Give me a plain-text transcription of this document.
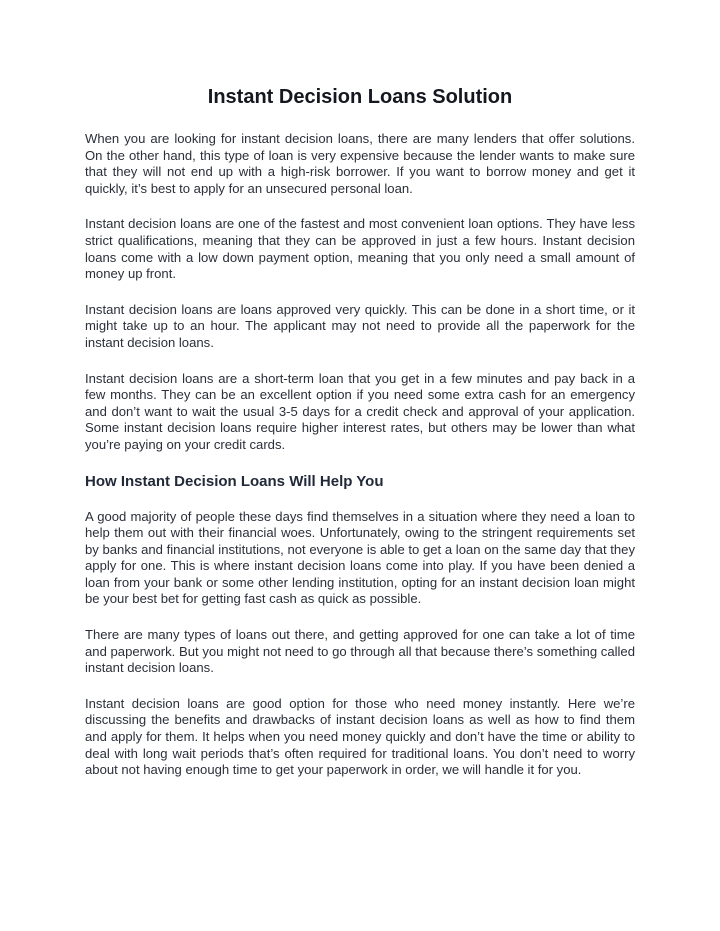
Instant Decision Loans Solution

When you are looking for instant decision loans, there are many lenders that offer solutions. On the other hand, this type of loan is very expensive because the lender wants to make sure that they will not end up with a high-risk borrower. If you want to borrow money and get it quickly, it’s best to apply for an unsecured personal loan.

Instant decision loans are one of the fastest and most convenient loan options. They have less strict qualifications, meaning that they can be approved in just a few hours. Instant decision loans come with a low down payment option, meaning that you only need a small amount of money up front.

Instant decision loans are loans approved very quickly. This can be done in a short time, or it might take up to an hour. The applicant may not need to provide all the paperwork for the instant decision loans.

Instant decision loans are a short-term loan that you get in a few minutes and pay back in a few months. They can be an excellent option if you need some extra cash for an emergency and don’t want to wait the usual 3-5 days for a credit check and approval of your application. Some instant decision loans require higher interest rates, but others may be lower than what you’re paying on your credit cards.

How Instant Decision Loans Will Help You

A good majority of people these days find themselves in a situation where they need a loan to help them out with their financial woes. Unfortunately, owing to the stringent requirements set by banks and financial institutions, not everyone is able to get a loan on the same day that they apply for one. This is where instant decision loans come into play. If you have been denied a loan from your bank or some other lending institution, opting for an instant decision loan might be your best bet for getting fast cash as quick as possible.

There are many types of loans out there, and getting approved for one can take a lot of time and paperwork. But you might not need to go through all that because there’s something called instant decision loans.

Instant decision loans are good option for those who need money instantly. Here we’re discussing the benefits and drawbacks of instant decision loans as well as how to find them and apply for them. It helps when you need money quickly and don’t have the time or ability to deal with long wait periods that’s often required for traditional loans. You don’t need to worry about not having enough time to get your paperwork in order, we will handle it for you.
